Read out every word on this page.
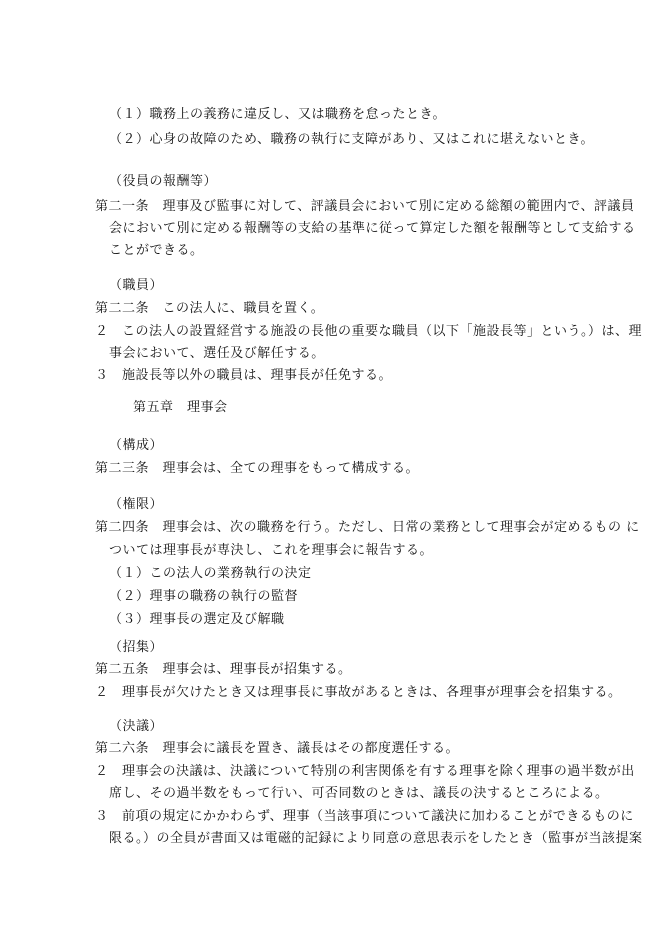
（１）職務上の義務に違反し、又は職務を怠ったとき。
（２）心身の故障のため、職務の執行に支障があり、又はこれに堪えないとき。
（役員の報酬等）
第二一条　理事及び監事に対して、評議員会において別に定める総額の範囲内で、評議員
会において別に定める報酬等の支給の基準に従って算定した額を報酬等として支給する
ことができる。
（職員）
第二二条　この法人に、職員を置く。
２　この法人の設置経営する施設の長他の重要な職員（以下「施設長等」という。）は、理
事会において、選任及び解任する。
３　施設長等以外の職員は、理事長が任免する。
第五章　理事会
（構成）
第二三条　理事会は、全ての理事をもって構成する。
（権限）
第二四条　理事会は、次の職務を行う。ただし、日常の業務として理事会が定めるもの に
ついては理事長が専決し、これを理事会に報告する。
（１）この法人の業務執行の決定
（２）理事の職務の執行の監督
（３）理事長の選定及び解職
（招集）
第二五条　理事会は、理事長が招集する。
２　理事長が欠けたとき又は理事長に事故があるときは、各理事が理事会を招集する。
（決議）
第二六条　理事会に議長を置き、議長はその都度選任する。
２　理事会の決議は、決議について特別の利害関係を有する理事を除く理事の過半数が出
席し、その過半数をもって行い、可否同数のときは、議長の決するところによる。
３　前項の規定にかかわらず、理事（当該事項について議決に加わることができるものに
限る。）の全員が書面又は電磁的記録により同意の意思表示をしたとき（監事が当該提案
